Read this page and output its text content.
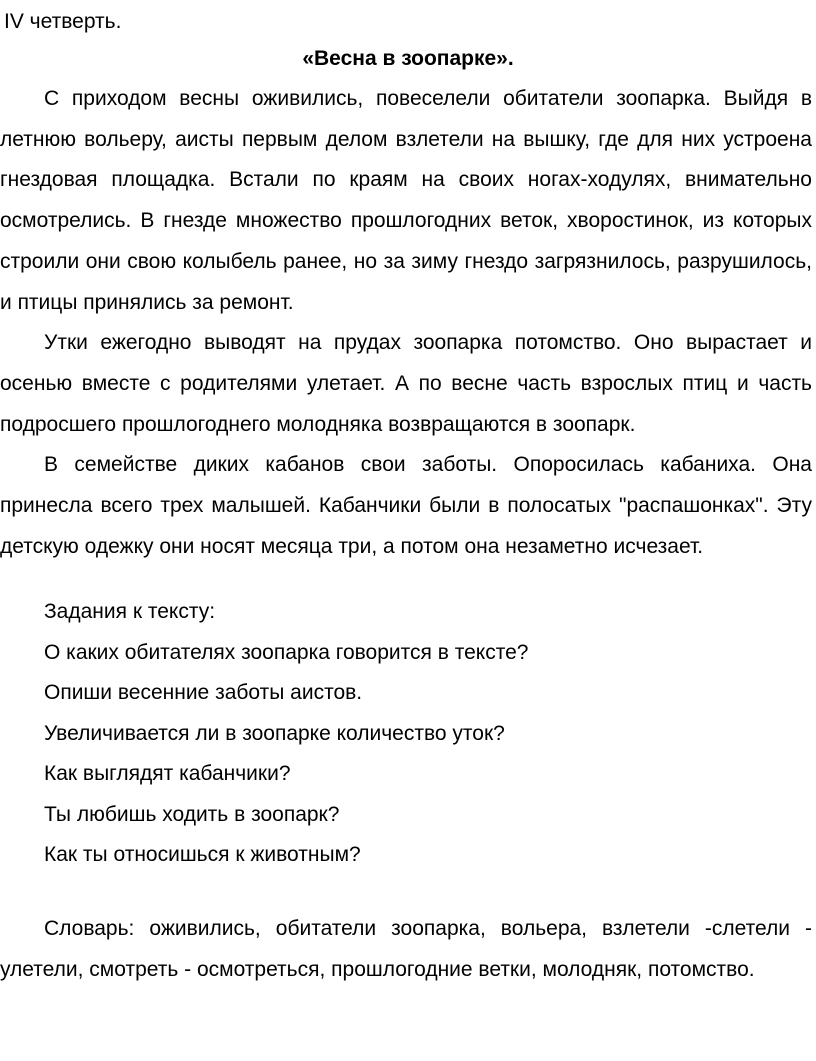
IV четверть.
«Весна в зоопарке».

С приходом весны оживились, повеселели обитатели зоопарка. Выйдя в летнюю вольеру, аисты первым делом взлетели на вышку, где для них устроена гнездовая площадка. Встали по краям на своих ногах-ходулях, внимательно осмотрелись. В гнезде множество прошлогодних веток, хворостинок, из которых строили они свою колыбель ранее, но за зиму гнездо загрязнилось, разрушилось, и птицы принялись за ремонт.

Утки ежегодно выводят на прудах зоопарка потомство. Оно вырастает и осенью вместе с родителями улетает. А по весне часть взрослых птиц и часть подросшего прошлогоднего молодняка возвращаются в зоопарк.

В семействе диких кабанов свои заботы. Опоросилась кабаниха. Она принесла всего трех малышей. Кабанчики были в полосатых "распашонках". Эту детскую одежку они носят месяца три, а потом она незаметно исчезает.

Задания к тексту:

О каких обитателях зоопарка говорится в тексте?

Опиши весенние заботы аистов.

Увеличивается ли в зоопарке количество уток?

Как выглядят кабанчики?

Ты любишь ходить в зоопарк?

Как ты относишься к животным?

Словарь: оживились, обитатели зоопарка, вольера, взлетели -слетели - улетели, смотреть - осмотреться, прошлогодние ветки, молодняк, потомство.
